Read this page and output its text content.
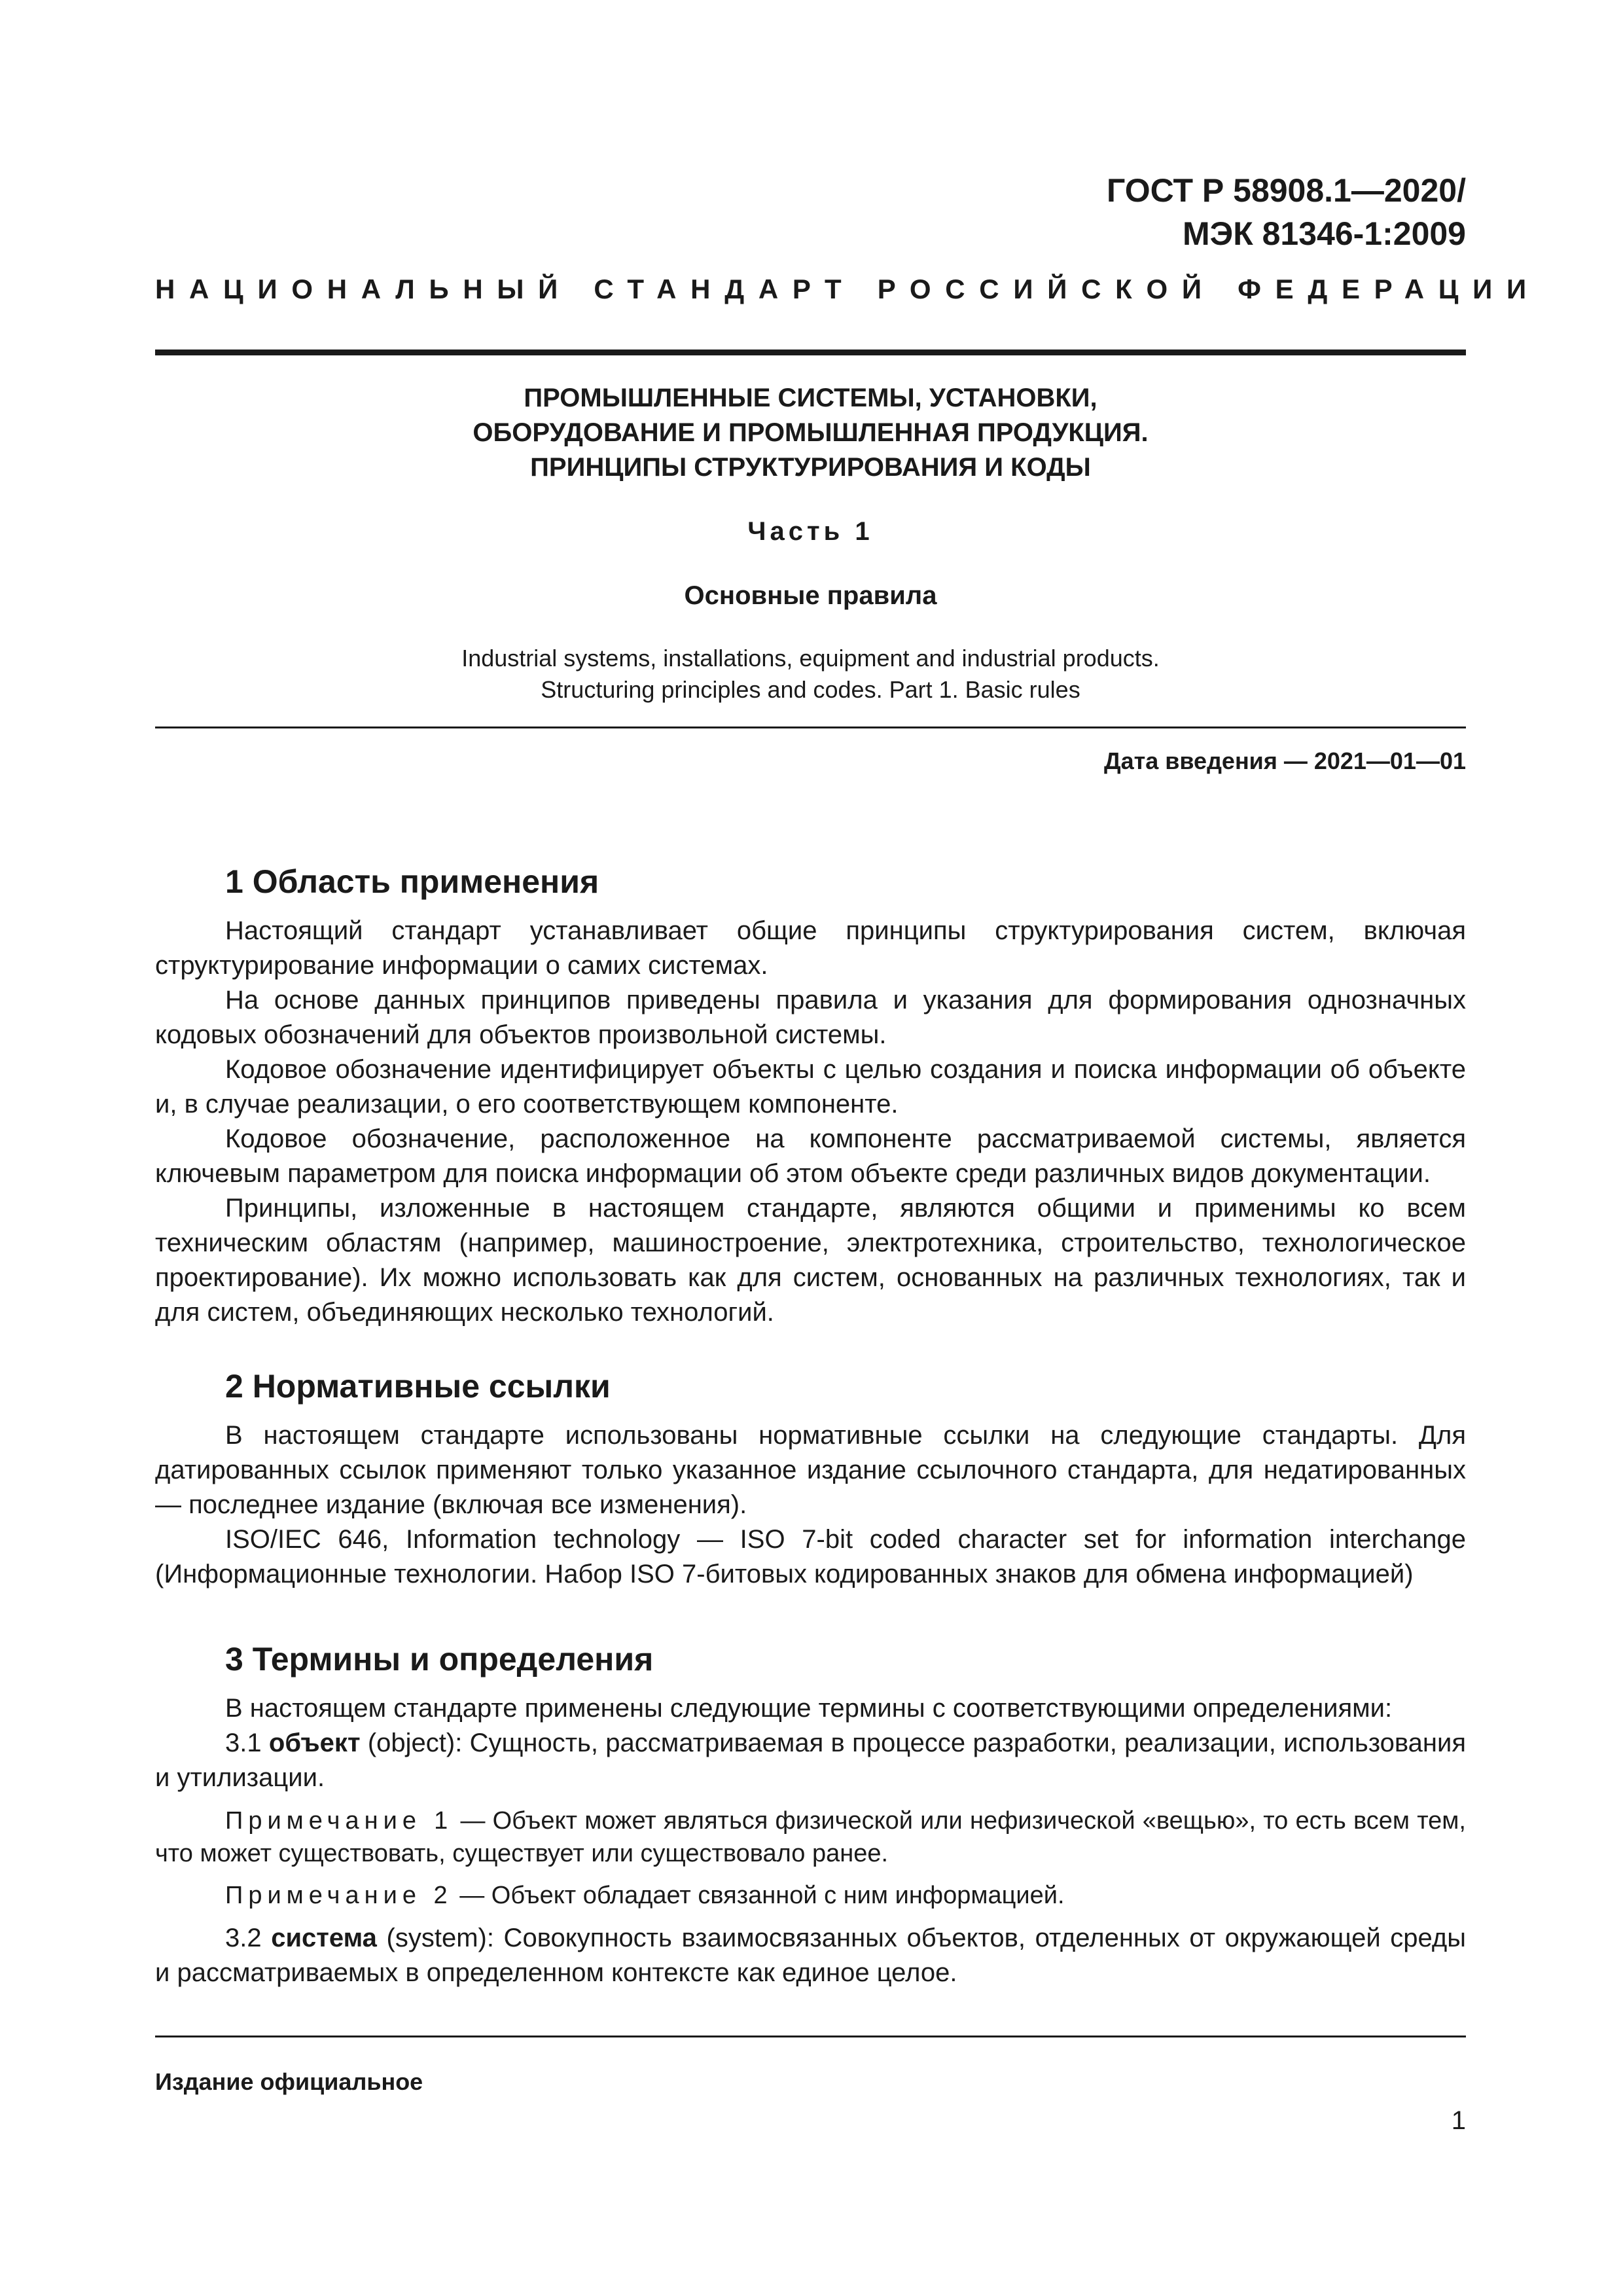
ГОСТ Р 58908.1—2020/
МЭК 81346-1:2009
НАЦИОНАЛЬНЫЙ СТАНДАРТ РОССИЙСКОЙ ФЕДЕРАЦИИ
ПРОМЫШЛЕННЫЕ СИСТЕМЫ, УСТАНОВКИ,
ОБОРУДОВАНИЕ И ПРОМЫШЛЕННАЯ ПРОДУКЦИЯ.
ПРИНЦИПЫ СТРУКТУРИРОВАНИЯ И КОДЫ
Часть 1
Основные правила
Industrial systems, installations, equipment and industrial products.
Structuring principles and codes. Part 1. Basic rules
Дата введения — 2021—01—01
1 Область применения

Настоящий стандарт устанавливает общие принципы структурирования систем, включая структурирование информации о самих системах.

На основе данных принципов приведены правила и указания для формирования однозначных кодовых обозначений для объектов произвольной системы.

Кодовое обозначение идентифицирует объекты с целью создания и поиска информации об объекте и, в случае реализации, о его соответствующем компоненте.

Кодовое обозначение, расположенное на компоненте рассматриваемой системы, является ключевым параметром для поиска информации об этом объекте среди различных видов документации.

Принципы, изложенные в настоящем стандарте, являются общими и применимы ко всем техническим областям (например, машиностроение, электротехника, строительство, технологическое проектирование). Их можно использовать как для систем, основанных на различных технологиях, так и для систем, объединяющих несколько технологий.

2 Нормативные ссылки

В настоящем стандарте использованы нормативные ссылки на следующие стандарты. Для датированных ссылок применяют только указанное издание ссылочного стандарта, для недатированных — последнее издание (включая все изменения).

ISO/IEC 646, Information technology — ISO 7-bit coded character set for information interchange (Информационные технологии. Набор ISO 7-битовых кодированных знаков для обмена информацией)

3 Термины и определения

В настоящем стандарте применены следующие термины с соответствующими определениями:

3.1 объект (object): Сущность, рассматриваемая в процессе разработки, реализации, использования и утилизации.

Примечание 1 — Объект может являться физической или нефизической «вещью», то есть всем тем, что может существовать, существует или существовало ранее.

Примечание 2 — Объект обладает связанной с ним информацией.

3.2 система (system): Совокупность взаимосвязанных объектов, отделенных от окружающей среды и рассматриваемых в определенном контексте как единое целое.

Издание официальное
1
